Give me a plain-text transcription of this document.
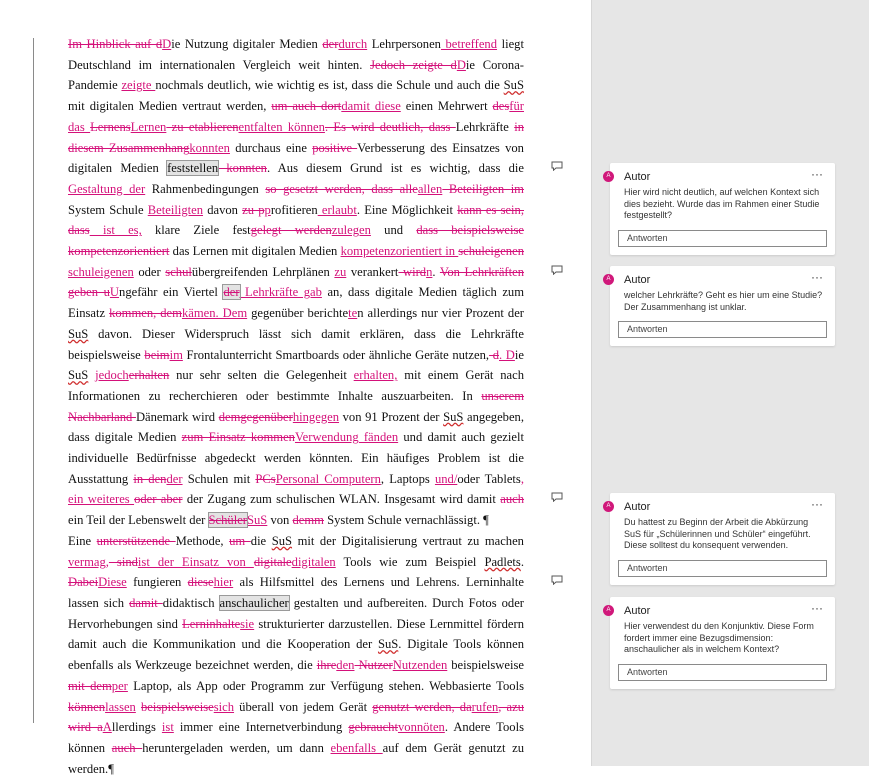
Im Hinblick auf dDie Nutzung digitaler Medien derdurch Lehrpersonen betreffend liegt Deutschland im internationalen Vergleich weit hinten. Jedoch zeigte dDie Corona-Pandemie zeigte nochmals deutlich, wie wichtig es ist, dass die Schule und auch die SuS mit digitalen Medien vertraut werden, um auch dortdamit diese einen Mehrwert desfür das LernensLernen zu etablierenentfalten können. Es wird deutlich, dass Lehrkräfte in diesem Zusammenhangkonnten durchaus eine positive Verbesserung des Einsatzes von digitalen Medien feststellen konnten. Aus diesem Grund ist es wichtig, dass die Gestaltung der Rahmenbedingungen so gesetzt werden, dass alleallen Beteiligten im System Schule Beteiligten davon zu pprofitieren erlaubt. Eine Möglichkeit kann es sein, dass ist es, klare Ziele festgelegt werdenzulegen und dass beispielsweise kompetenzorientiert das Lernen mit digitalen Medien kompetenzorientiert in schuleigenen schuleigenen oder schulübergreifenden Lehrplänen zu verankert wirdn. Von Lehrkräften geben uUngefähr ein Viertel der Lehrkräfte gab an, dass digitale Medien täglich zum Einsatz kommen, demkämen. Dem gegenüber berichteten allerdings nur vier Prozent der SuS davon. Dieser Widerspruch lässt sich damit erklären, dass die Lehrkräfte beispielsweise beimim Frontalunterricht Smartboards oder ähnliche Geräte nutzen, d. Die SuS jedocherhalten nur sehr selten die Gelegenheit erhalten, mit einem Gerät nach Informationen zu recherchieren oder bestimmte Inhalte auszuarbeiten. In unserem Nachbarland Dänemark wird demgegenüberhingegen von 91 Prozent der SuS angegeben, dass digitale Medien zum Einsatz kommenVerwendung fänden und damit auch gezielt individuelle Bedürfnisse abgedeckt werden könnten. Ein häufiges Problem ist die Ausstattung in dender Schulen mit PCsPersonal Computern, Laptops und/oder Tablets, ein weiteres oder aber der Zugang zum schulischen WLAN. Insgesamt wird damit auch ein Teil der Lebenswelt der SchülerSuS von demm System Schule vernachlässigt. ¶

Eine unterstützende Methode, um die SuS mit der Digitalisierung vertraut zu machen vermag, sindist der Einsatz von digitaledigitalen Tools wie zum Beispiel Padlets. DabeiDiese fungieren diesehier als Hilfsmittel des Lernens und Lehrens. Lerninhalte lassen sich damit didaktisch anschaulicher gestalten und aufbereiten. Durch Fotos oder Hervorhebungen sind Lerninhaltesie strukturierter darzustellen. Diese Lernmittel fördern damit auch die Kommunikation und die Kooperation der SuS. Digitale Tools können ebenfalls als Werkzeuge bezeichnet werden, die ihreden NutzerNutzenden beispielsweise mit demper Laptop, als App oder Programm zur Verfügung stehen. Webbasierte Tools könnenlassen beispielsweisesich überall von jedem Gerät genutzt werden, darufen, azu wird aAllerdings ist immer eine Internetverbindung gebrauchtvonnöten. Andere Tools können auch heruntergeladen werden, um dann ebenfalls auf dem Gerät genutzt zu werden.¶

A	Autor	···
Hier wird nicht deutlich, auf welchen Kontext sich dies bezieht. Wurde das im Rahmen einer Studie festgestellt?
Antworten
A	Autor	···
welcher Lehrkräfte? Geht es hier um eine Studie? Der Zusammenhang ist unklar.
Antworten
A	Autor	···
Du hattest zu Beginn der Arbeit die Abkürzung SuS für „Schülerinnen und Schüler“ eingeführt. Diese solltest du konsequent verwenden.
Antworten
A	Autor	···
Hier verwendest du den Konjunktiv. Diese Form fordert immer eine Bezugsdimension: anschaulicher als in welchem Kontext?
Antworten
